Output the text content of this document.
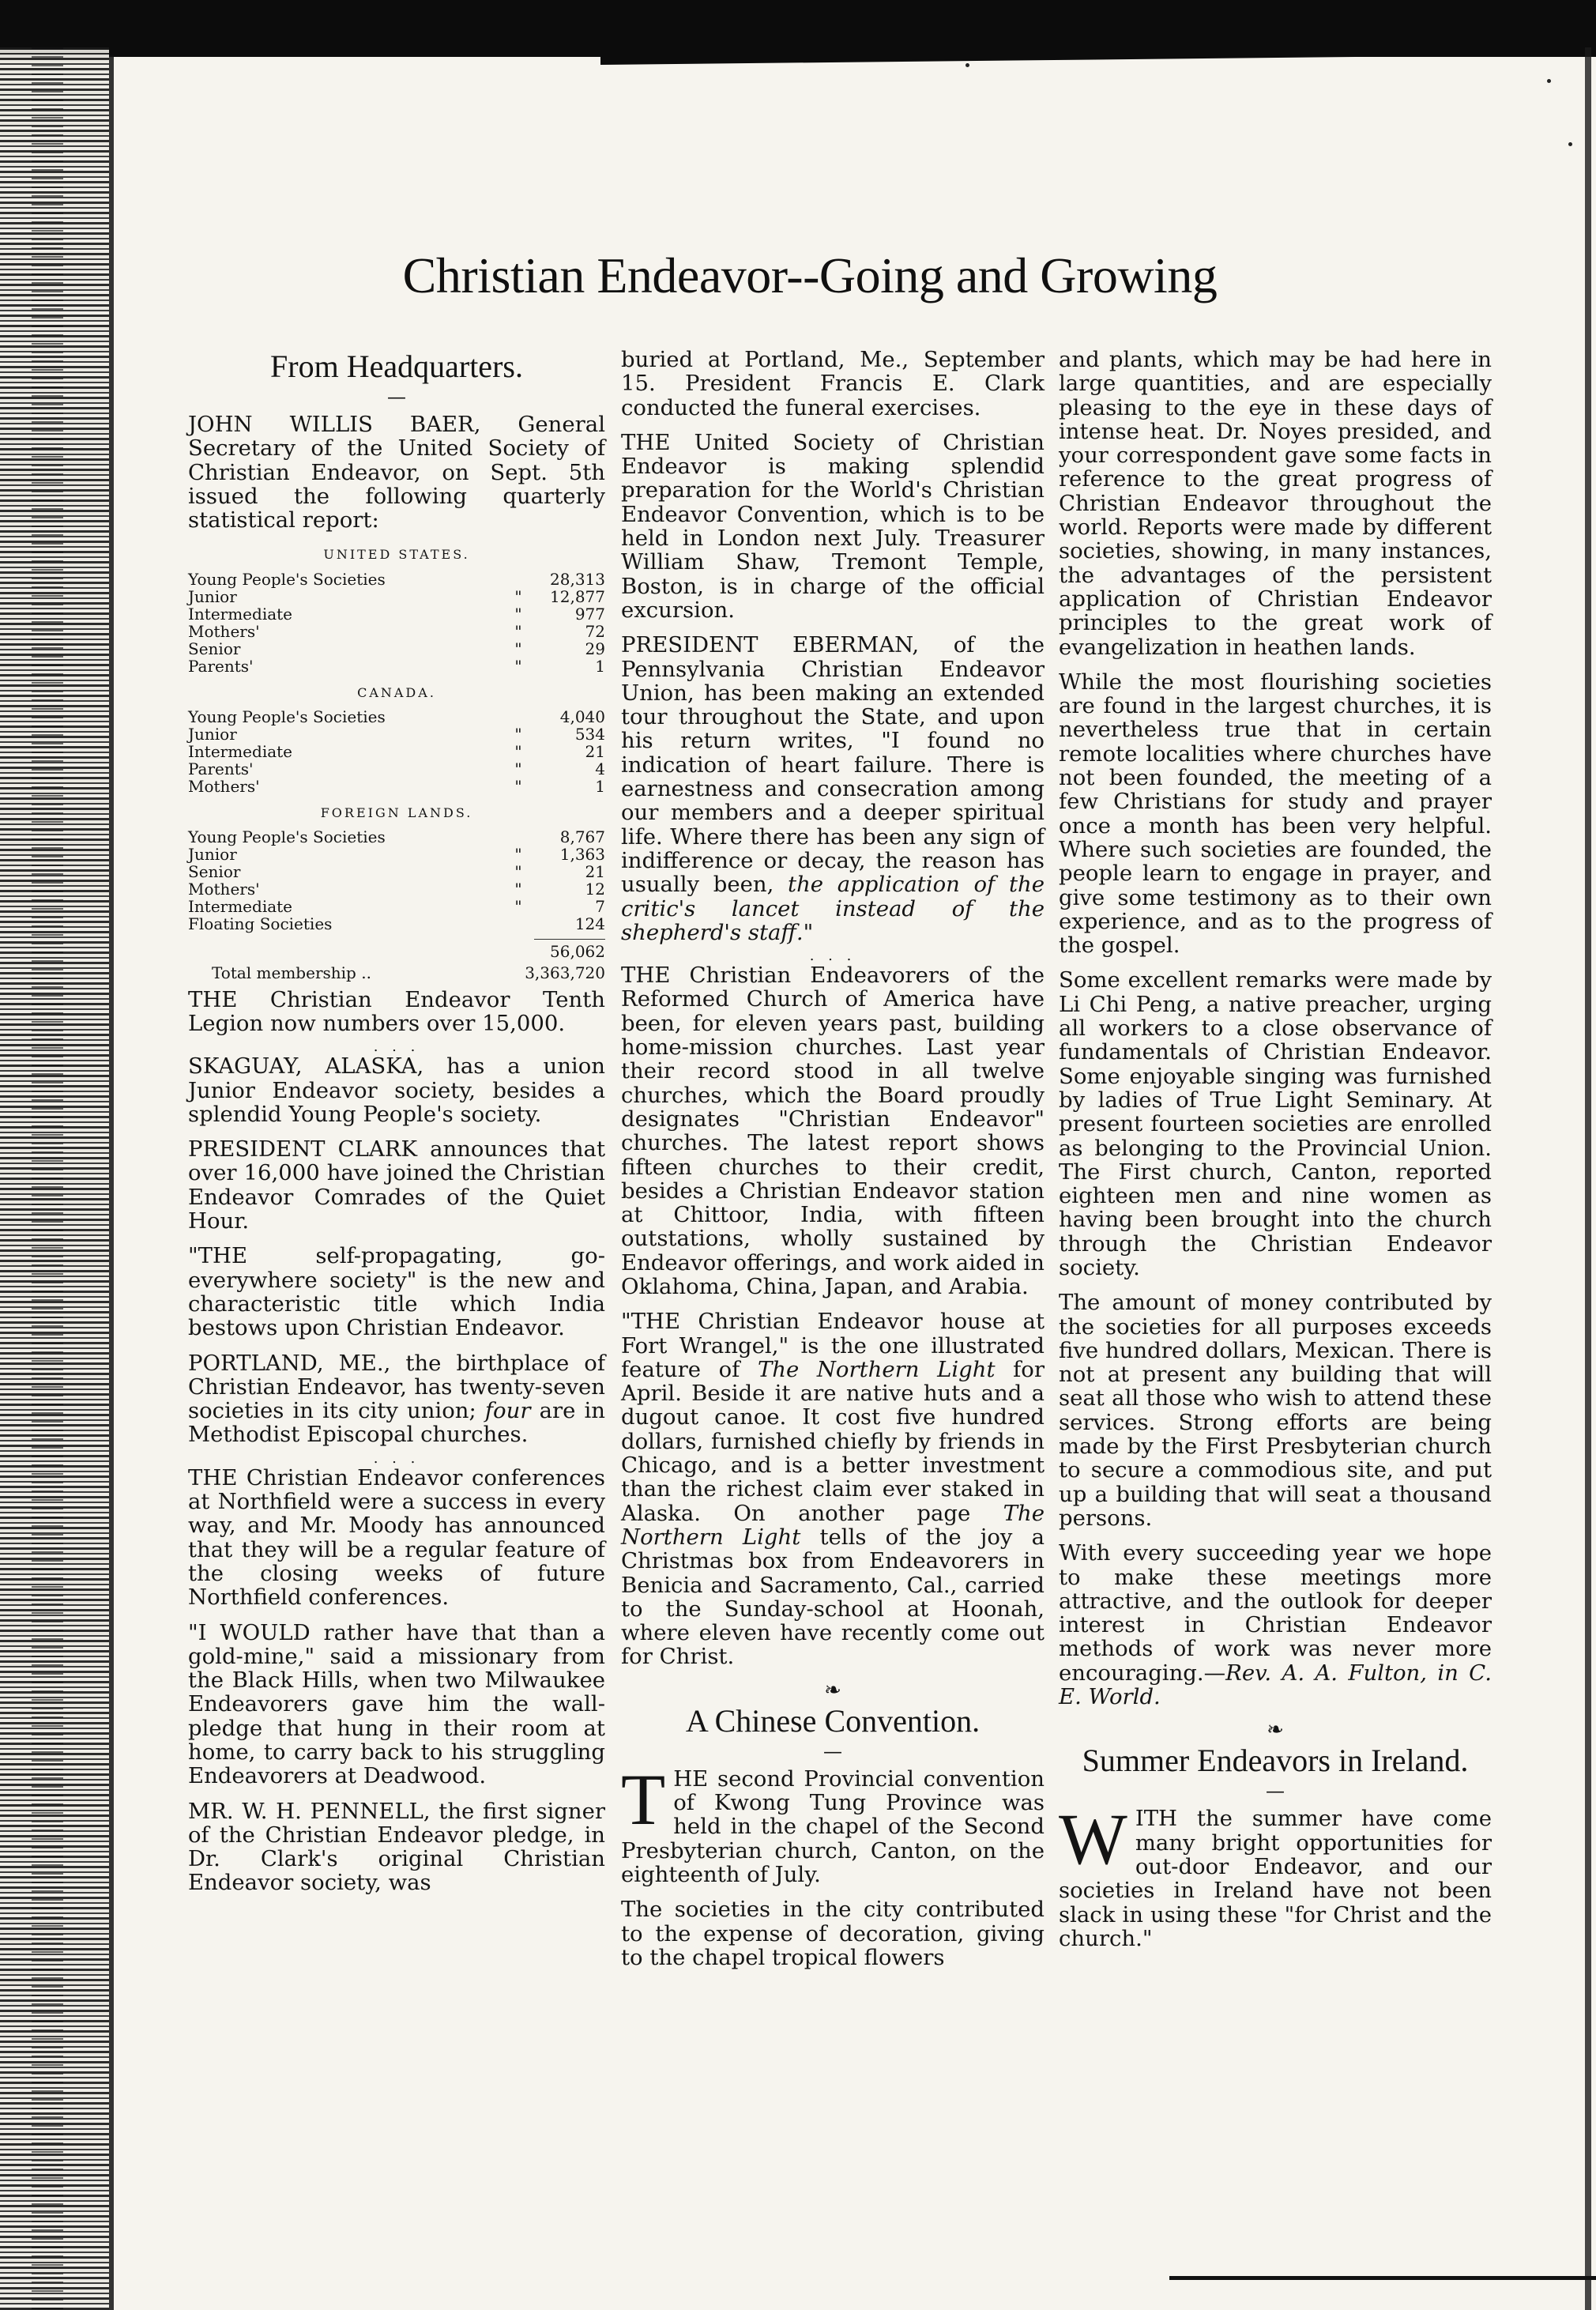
Christian Endeavor--Going and Growing
From Headquarters.
—

JOHN WILLIS BAER, General Secretary of the United Society of Christian Endeavor, on Sept. 5th issued the following quarterly statistical report:

UNITED STATES.
Young People's Societies		28,313
Junior	"	12,877
Intermediate	"	977
Mothers'	"	72
Senior	"	29
Parents'	"	1
CANADA.
Young People's Societies		4,040
Junior	"	534
Intermediate	"	21
Parents'	"	4
Mothers'	"	1
FOREIGN LANDS.
Young People's Societies		8,767
Junior	"	1,363
Senior	"	21
Mothers'	"	12
Intermediate	"	7
Floating Societies		124
56,062
Total membership ..	3,363,720

THE Christian Endeavor Tenth Legion now numbers over 15,000.

. . .

SKAGUAY, ALASKA, has a union Junior Endeavor society, besides a splendid Young People's society.

PRESIDENT CLARK announces that over 16,000 have joined the Christian Endeavor Comrades of the Quiet Hour.

"THE self-propagating, go-everywhere society" is the new and characteristic title which India bestows upon Christian Endeavor.

PORTLAND, ME., the birthplace of Christian Endeavor, has twenty-seven societies in its city union; four are in Methodist Episcopal churches.

. . .

THE Christian Endeavor conferences at Northfield were a success in every way, and Mr. Moody has announced that they will be a regular feature of the closing weeks of future Northfield conferences.

"I WOULD rather have that than a gold-mine," said a missionary from the Black Hills, when two Milwaukee Endeavorers gave him the wall-pledge that hung in their room at home, to carry back to his struggling Endeavorers at Deadwood.

MR. W. H. PENNELL, the first signer of the Christian Endeavor pledge, in Dr. Clark's original Christian Endeavor society, was

buried at Portland, Me., September 15. President Francis E. Clark conducted the funeral exercises.

THE United Society of Christian Endeavor is making splendid preparation for the World's Christian Endeavor Convention, which is to be held in London next July. Treasurer William Shaw, Tremont Temple, Boston, is in charge of the official excursion.

PRESIDENT EBERMAN, of the Pennsylvania Christian Endeavor Union, has been making an extended tour throughout the State, and upon his return writes, "I found no indication of heart failure. There is earnestness and consecration among our members and a deeper spiritual life. Where there has been any sign of indifference or decay, the reason has usually been, the application of the critic's lancet instead of the shepherd's staff."

. . .

THE Christian Endeavorers of the Reformed Church of America have been, for eleven years past, building home-mission churches. Last year their record stood in all twelve churches, which the Board proudly designates "Christian Endeavor" churches. The latest report shows fifteen churches to their credit, besides a Christian Endeavor station at Chittoor, India, with fifteen outstations, wholly sustained by Endeavor offerings, and work aided in Oklahoma, China, Japan, and Arabia.

"THE Christian Endeavor house at Fort Wrangel," is the one illustrated feature of The Northern Light for April. Beside it are native huts and a dugout canoe. It cost five hundred dollars, furnished chiefly by friends in Chicago, and is a better investment than the richest claim ever staked in Alaska. On another page The Northern Light tells of the joy a Christmas box from Endeavorers in Benicia and Sacramento, Cal., carried to the Sunday-school at Hoonah, where eleven have recently come out for Christ.

❧
A Chinese Convention.
—

THE second Provincial convention of Kwong Tung Province was held in the chapel of the Second Presbyterian church, Canton, on the eighteenth of July.

The societies in the city contributed to the expense of decoration, giving to the chapel tropical flowers

and plants, which may be had here in large quantities, and are especially pleasing to the eye in these days of intense heat. Dr. Noyes presided, and your correspondent gave some facts in reference to the great progress of Christian Endeavor throughout the world. Reports were made by different societies, showing, in many instances, the advantages of the persistent application of Christian Endeavor principles to the great work of evangelization in heathen lands.

While the most flourishing societies are found in the largest churches, it is nevertheless true that in certain remote localities where churches have not been founded, the meeting of a few Christians for study and prayer once a month has been very helpful. Where such societies are founded, the people learn to engage in prayer, and give some testimony as to their own experience, and as to the progress of the gospel.

Some excellent remarks were made by Li Chi Peng, a native preacher, urging all workers to a close observance of fundamentals of Christian Endeavor. Some enjoyable singing was furnished by ladies of True Light Seminary. At present fourteen societies are enrolled as belonging to the Provincial Union. The First church, Canton, reported eighteen men and nine women as having been brought into the church through the Christian Endeavor society.

The amount of money contributed by the societies for all purposes exceeds five hundred dollars, Mexican. There is not at present any building that will seat all those who wish to attend these services. Strong efforts are being made by the First Presbyterian church to secure a commodious site, and put up a building that will seat a thousand persons.

With every succeeding year we hope to make these meetings more attractive, and the outlook for deeper interest in Christian Endeavor methods of work was never more encouraging.—Rev. A. A. Fulton, in C. E. World.

❧
Summer Endeavors in Ireland.
—

WITH the summer have come many bright opportunities for out-door Endeavor, and our societies in Ireland have not been slack in using these "for Christ and the church."
